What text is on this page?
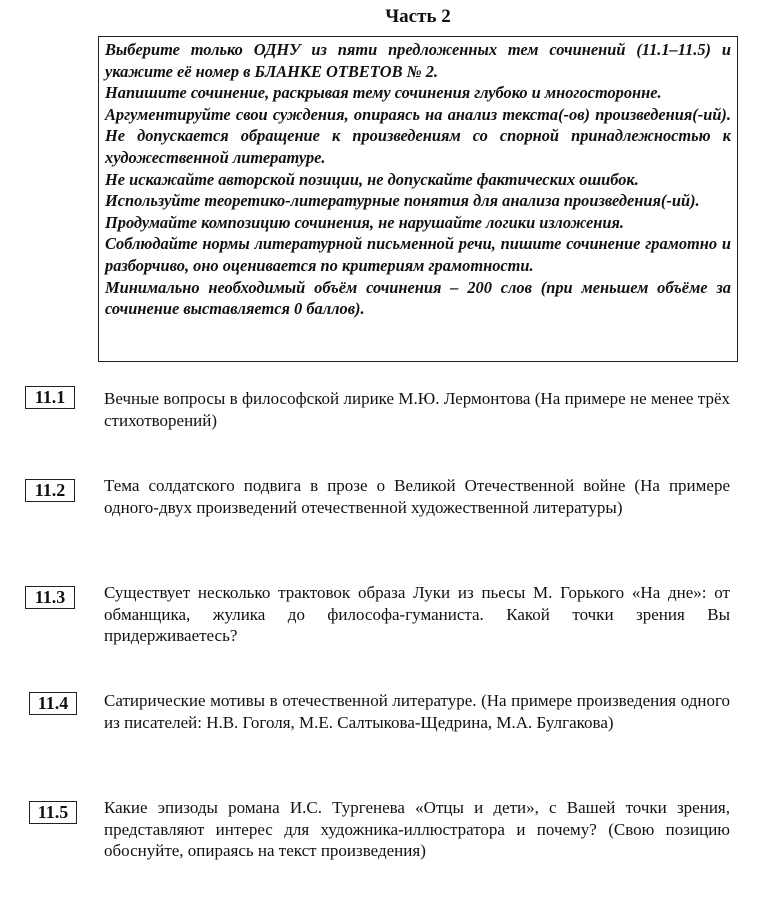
Часть 2
Выберите только ОДНУ из пяти предложенных тем сочинений (11.1–11.5) и укажите её номер в БЛАНКЕ ОТВЕТОВ № 2.
Напишите сочинение, раскрывая тему сочинения глубоко и многосторонне.
Аргументируйте свои суждения, опираясь на анализ текста(-ов) произведения(-ий). Не допускается обращение к произведениям со спорной принадлежностью к художественной литературе.
Не искажайте авторской позиции, не допускайте фактических ошибок.
Используйте теоретико-литературные понятия для анализа произведения(-ий).
Продумайте композицию сочинения, не нарушайте логики изложения.
Соблюдайте нормы литературной письменной речи, пишите сочинение грамотно и разборчиво, оно оценивается по критериям грамотности.
Минимально необходимый объём сочинения – 200 слов (при меньшем объёме за сочинение выставляется 0 баллов).
11.1	Вечные вопросы в философской лирике М.Ю. Лермонтова (На примере не менее трёх стихотворений)
11.2	Тема солдатского подвига в прозе о Великой Отечественной войне (На примере одного-двух произведений отечественной художественной литературы)
11.3	Существует несколько трактовок образа Луки из пьесы М. Горького «На дне»: от обманщика, жулика до философа-гуманиста. Какой точки зрения Вы придерживаетесь?
11.4	Сатирические мотивы в отечественной литературе. (На примере произведения одного из писателей: Н.В. Гоголя, М.Е. Салтыкова-Щедрина, М.А. Булгакова)
11.5	Какие эпизоды романа И.С. Тургенева «Отцы и дети», с Вашей точки зрения, представляют интерес для художника-иллюстратора и почему? (Свою позицию обоснуйте, опираясь на текст произведения)
